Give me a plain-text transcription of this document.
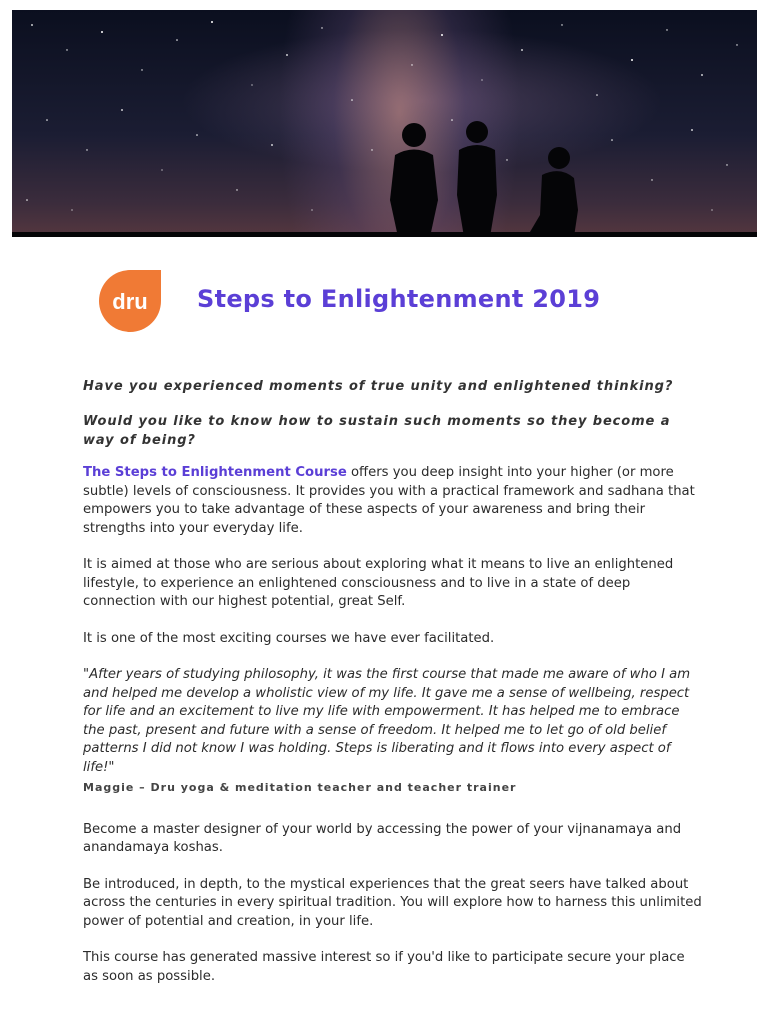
dru Steps to Enlightenment 2019

Have you experienced moments of true unity and enlightened thinking?

Would you like to know how to sustain such moments so they become a way of being?

The Steps to Enlightenment Course offers you deep insight into your higher (or more subtle) levels of consciousness. It provides you with a practical framework and sadhana that empowers you to take advantage of these aspects of your awareness and bring their strengths into your everyday life.

It is aimed at those who are serious about exploring what it means to live an enlightened lifestyle, to experience an enlightened consciousness and to live in a state of deep connection with our highest potential, great Self.

It is one of the most exciting courses we have ever facilitated.

"After years of studying philosophy, it was the first course that made me aware of who I am and helped me develop a wholistic view of my life. It gave me a sense of wellbeing, respect for life and an excitement to live my life with empowerment. It has helped me to embrace the past, present and future with a sense of freedom. It helped me to let go of old belief patterns I did not know I was holding. Steps is liberating and it flows into every aspect of life!"

Maggie – Dru yoga & meditation teacher and teacher trainer

Become a master designer of your world by accessing the power of your vijnanamaya and anandamaya koshas.

Be introduced, in depth, to the mystical experiences that the great seers have talked about across the centuries in every spiritual tradition. You will explore how to harness this unlimited power of potential and creation, in your life.

This course has generated massive interest so if you'd like to participate secure your place as soon as possible.
